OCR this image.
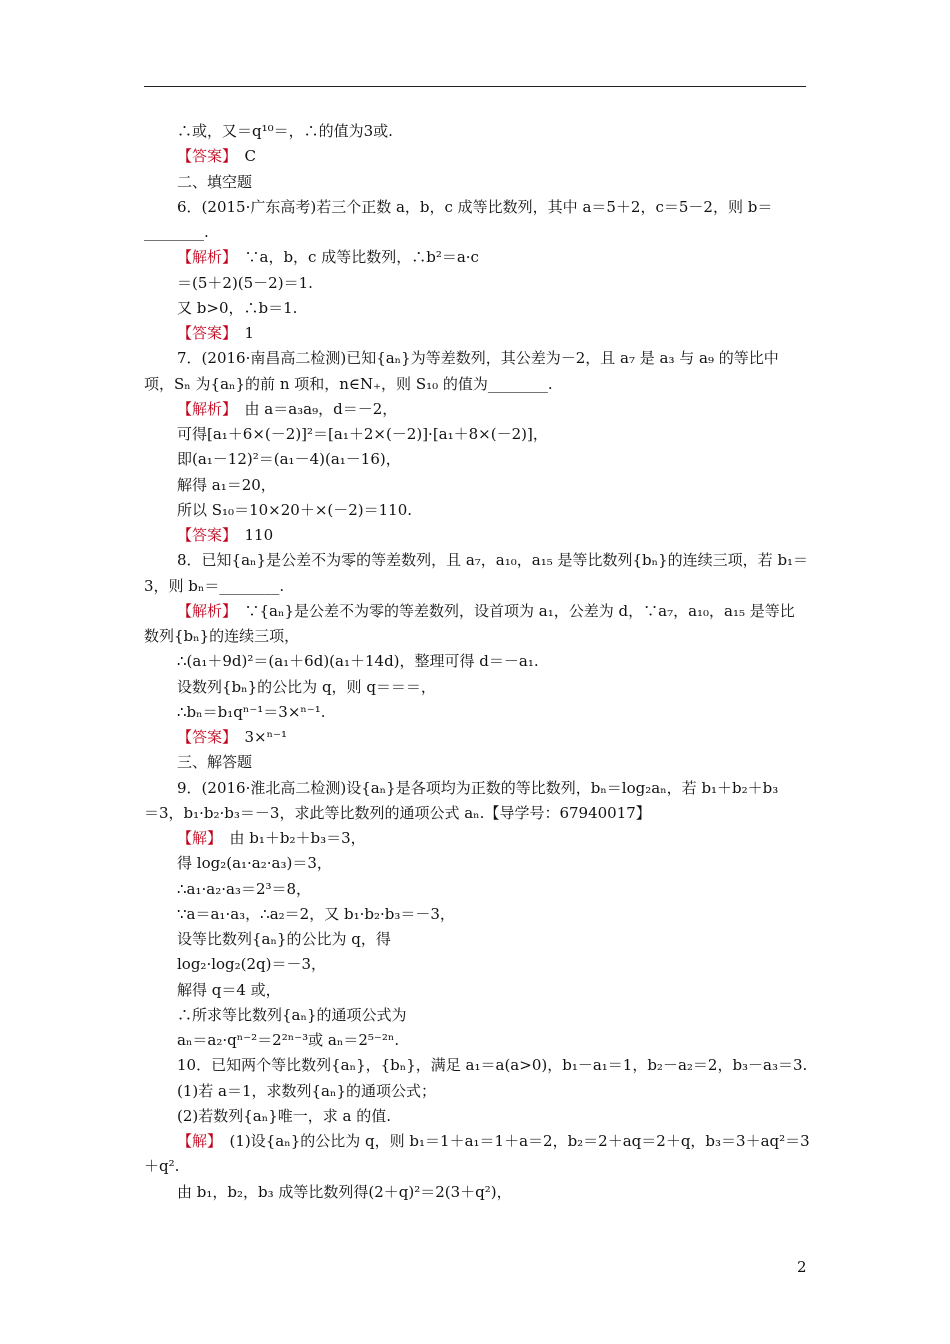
∴或，又＝q¹⁰＝，∴的值为3或.
【答案】　C
二、填空题
6．(2015·广东高考)若三个正数 a，b，c 成等比数列，其中 a＝5＋2，c＝5－2，则 b＝
________.
【解析】　∵a，b，c 成等比数列，∴b²＝a·c
＝(5＋2)(5－2)＝1.
又 b>0，∴b＝1.
【答案】　1
7．(2016·南昌高二检测)已知{aₙ}为等差数列，其公差为－2，且 a₇ 是 a₃ 与 a₉ 的等比中
项，Sₙ 为{aₙ}的前 n 项和，n∈N₊，则 S₁₀ 的值为________.
【解析】　由 a＝a₃a₉，d＝－2，
可得[a₁＋6×(－2)]²＝[a₁＋2×(－2)]·[a₁＋8×(－2)]，
即(a₁－12)²＝(a₁－4)(a₁－16)，
解得 a₁＝20，
所以 S₁₀＝10×20＋×(－2)＝110.
【答案】　110
8．已知{aₙ}是公差不为零的等差数列，且 a₇，a₁₀，a₁₅ 是等比数列{bₙ}的连续三项，若 b₁＝
3，则 bₙ＝________.
【解析】　∵{aₙ}是公差不为零的等差数列，设首项为 a₁，公差为 d，∵a₇，a₁₀，a₁₅ 是等比
数列{bₙ}的连续三项，
∴(a₁＋9d)²＝(a₁＋6d)(a₁＋14d)，整理可得 d＝－a₁.
设数列{bₙ}的公比为 q，则 q＝＝＝，
∴bₙ＝b₁qⁿ⁻¹＝3×ⁿ⁻¹.
【答案】　3×ⁿ⁻¹
三、解答题
9．(2016·淮北高二检测)设{aₙ}是各项均为正数的等比数列，bₙ＝log₂aₙ，若 b₁＋b₂＋b₃
＝3，b₁·b₂·b₃＝－3，求此等比数列的通项公式 aₙ.【导学号：67940017】
【解】　由 b₁＋b₂＋b₃＝3，
得 log₂(a₁·a₂·a₃)＝3，
∴a₁·a₂·a₃＝2³＝8，
∵a＝a₁·a₃，∴a₂＝2，又 b₁·b₂·b₃＝－3，
设等比数列{aₙ}的公比为 q，得
log₂·log₂(2q)＝－3，
解得 q＝4 或，
∴所求等比数列{aₙ}的通项公式为
aₙ＝a₂·qⁿ⁻²＝2²ⁿ⁻³或 aₙ＝2⁵⁻²ⁿ.
10．已知两个等比数列{aₙ}，{bₙ}，满足 a₁＝a(a>0)，b₁－a₁＝1，b₂－a₂＝2，b₃－a₃＝3.
(1)若 a＝1，求数列{aₙ}的通项公式；
(2)若数列{aₙ}唯一，求 a 的值.
【解】　(1)设{aₙ}的公比为 q，则 b₁＝1＋a₁＝1＋a＝2，b₂＝2＋aq＝2＋q，b₃＝3＋aq²＝3
＋q².
由 b₁，b₂，b₃ 成等比数列得(2＋q)²＝2(3＋q²)，
2
